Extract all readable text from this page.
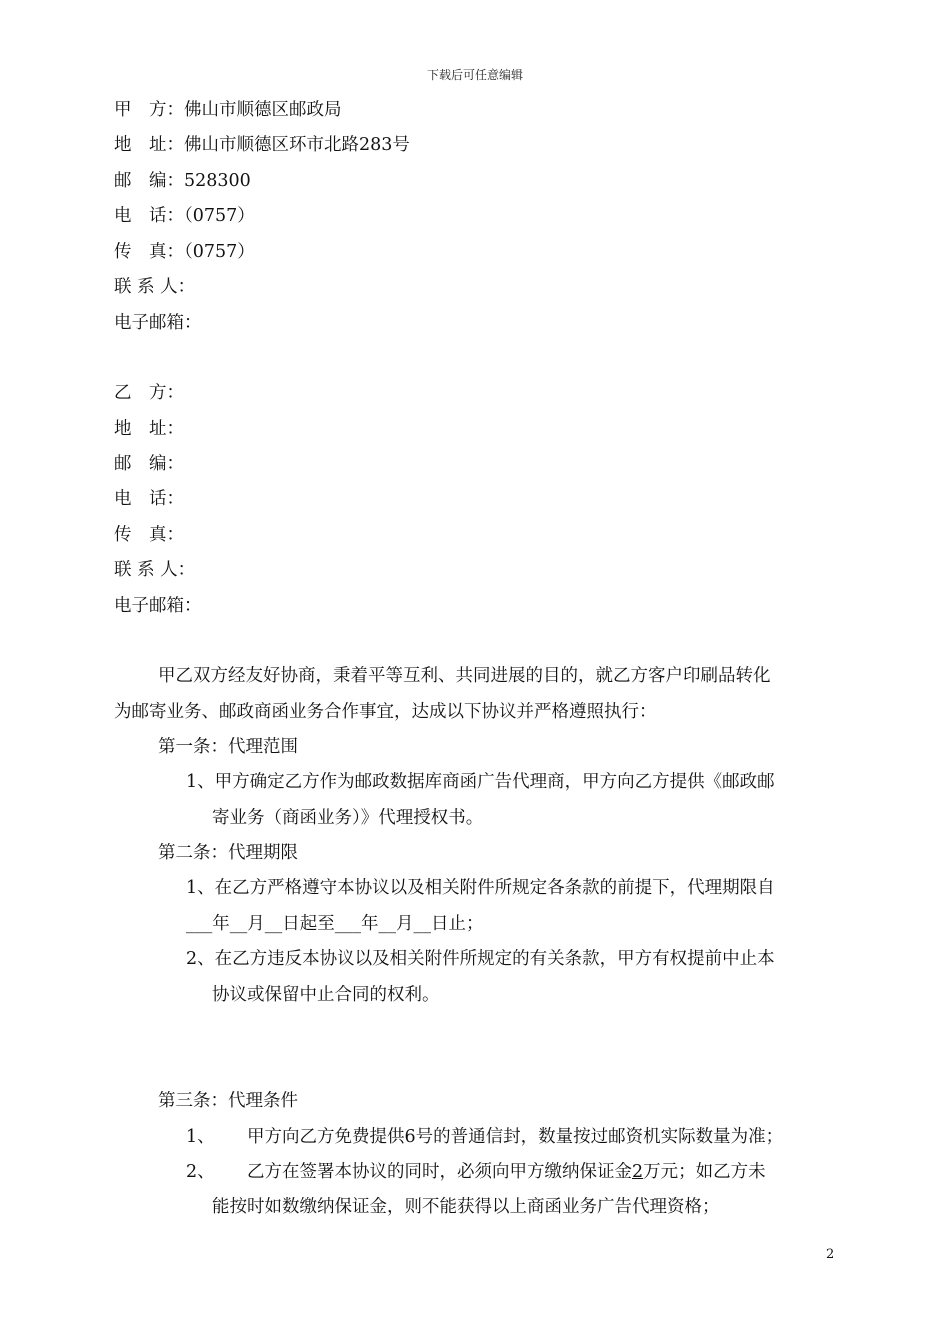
下载后可任意编辑
甲　方：佛山市顺德区邮政局
地　址：佛山市顺德区环市北路283号
邮　编：528300
电　话：（0757）
传　真：（0757）
联 系 人：
电子邮箱：
乙　方：
地　址：
邮　编：
电　话：
传　真：
联 系 人：
电子邮箱：
甲乙双方经友好协商，秉着平等互利、共同进展的目的，就乙方客户印刷品转化
为邮寄业务、邮政商函业务合作事宜，达成以下协议并严格遵照执行：
第一条：代理范围
1、甲方确定乙方作为邮政数据库商函广告代理商，甲方向乙方提供《邮政邮
寄业务（商函业务）》代理授权书。
第二条：代理期限
1、在乙方严格遵守本协议以及相关附件所规定各条款的前提下，代理期限自
___年__月__日起至___年__月__日止；
2、在乙方违反本协议以及相关附件所规定的有关条款，甲方有权提前中止本
协议或保留中止合同的权利。
第三条：代理条件
1、 甲方向乙方免费提供6号的普通信封，数量按过邮资机实际数量为准；
2、 乙方在签署本协议的同时，必须向甲方缴纳保证金2万元；如乙方未
能按时如数缴纳保证金，则不能获得以上商函业务广告代理资格；
2
